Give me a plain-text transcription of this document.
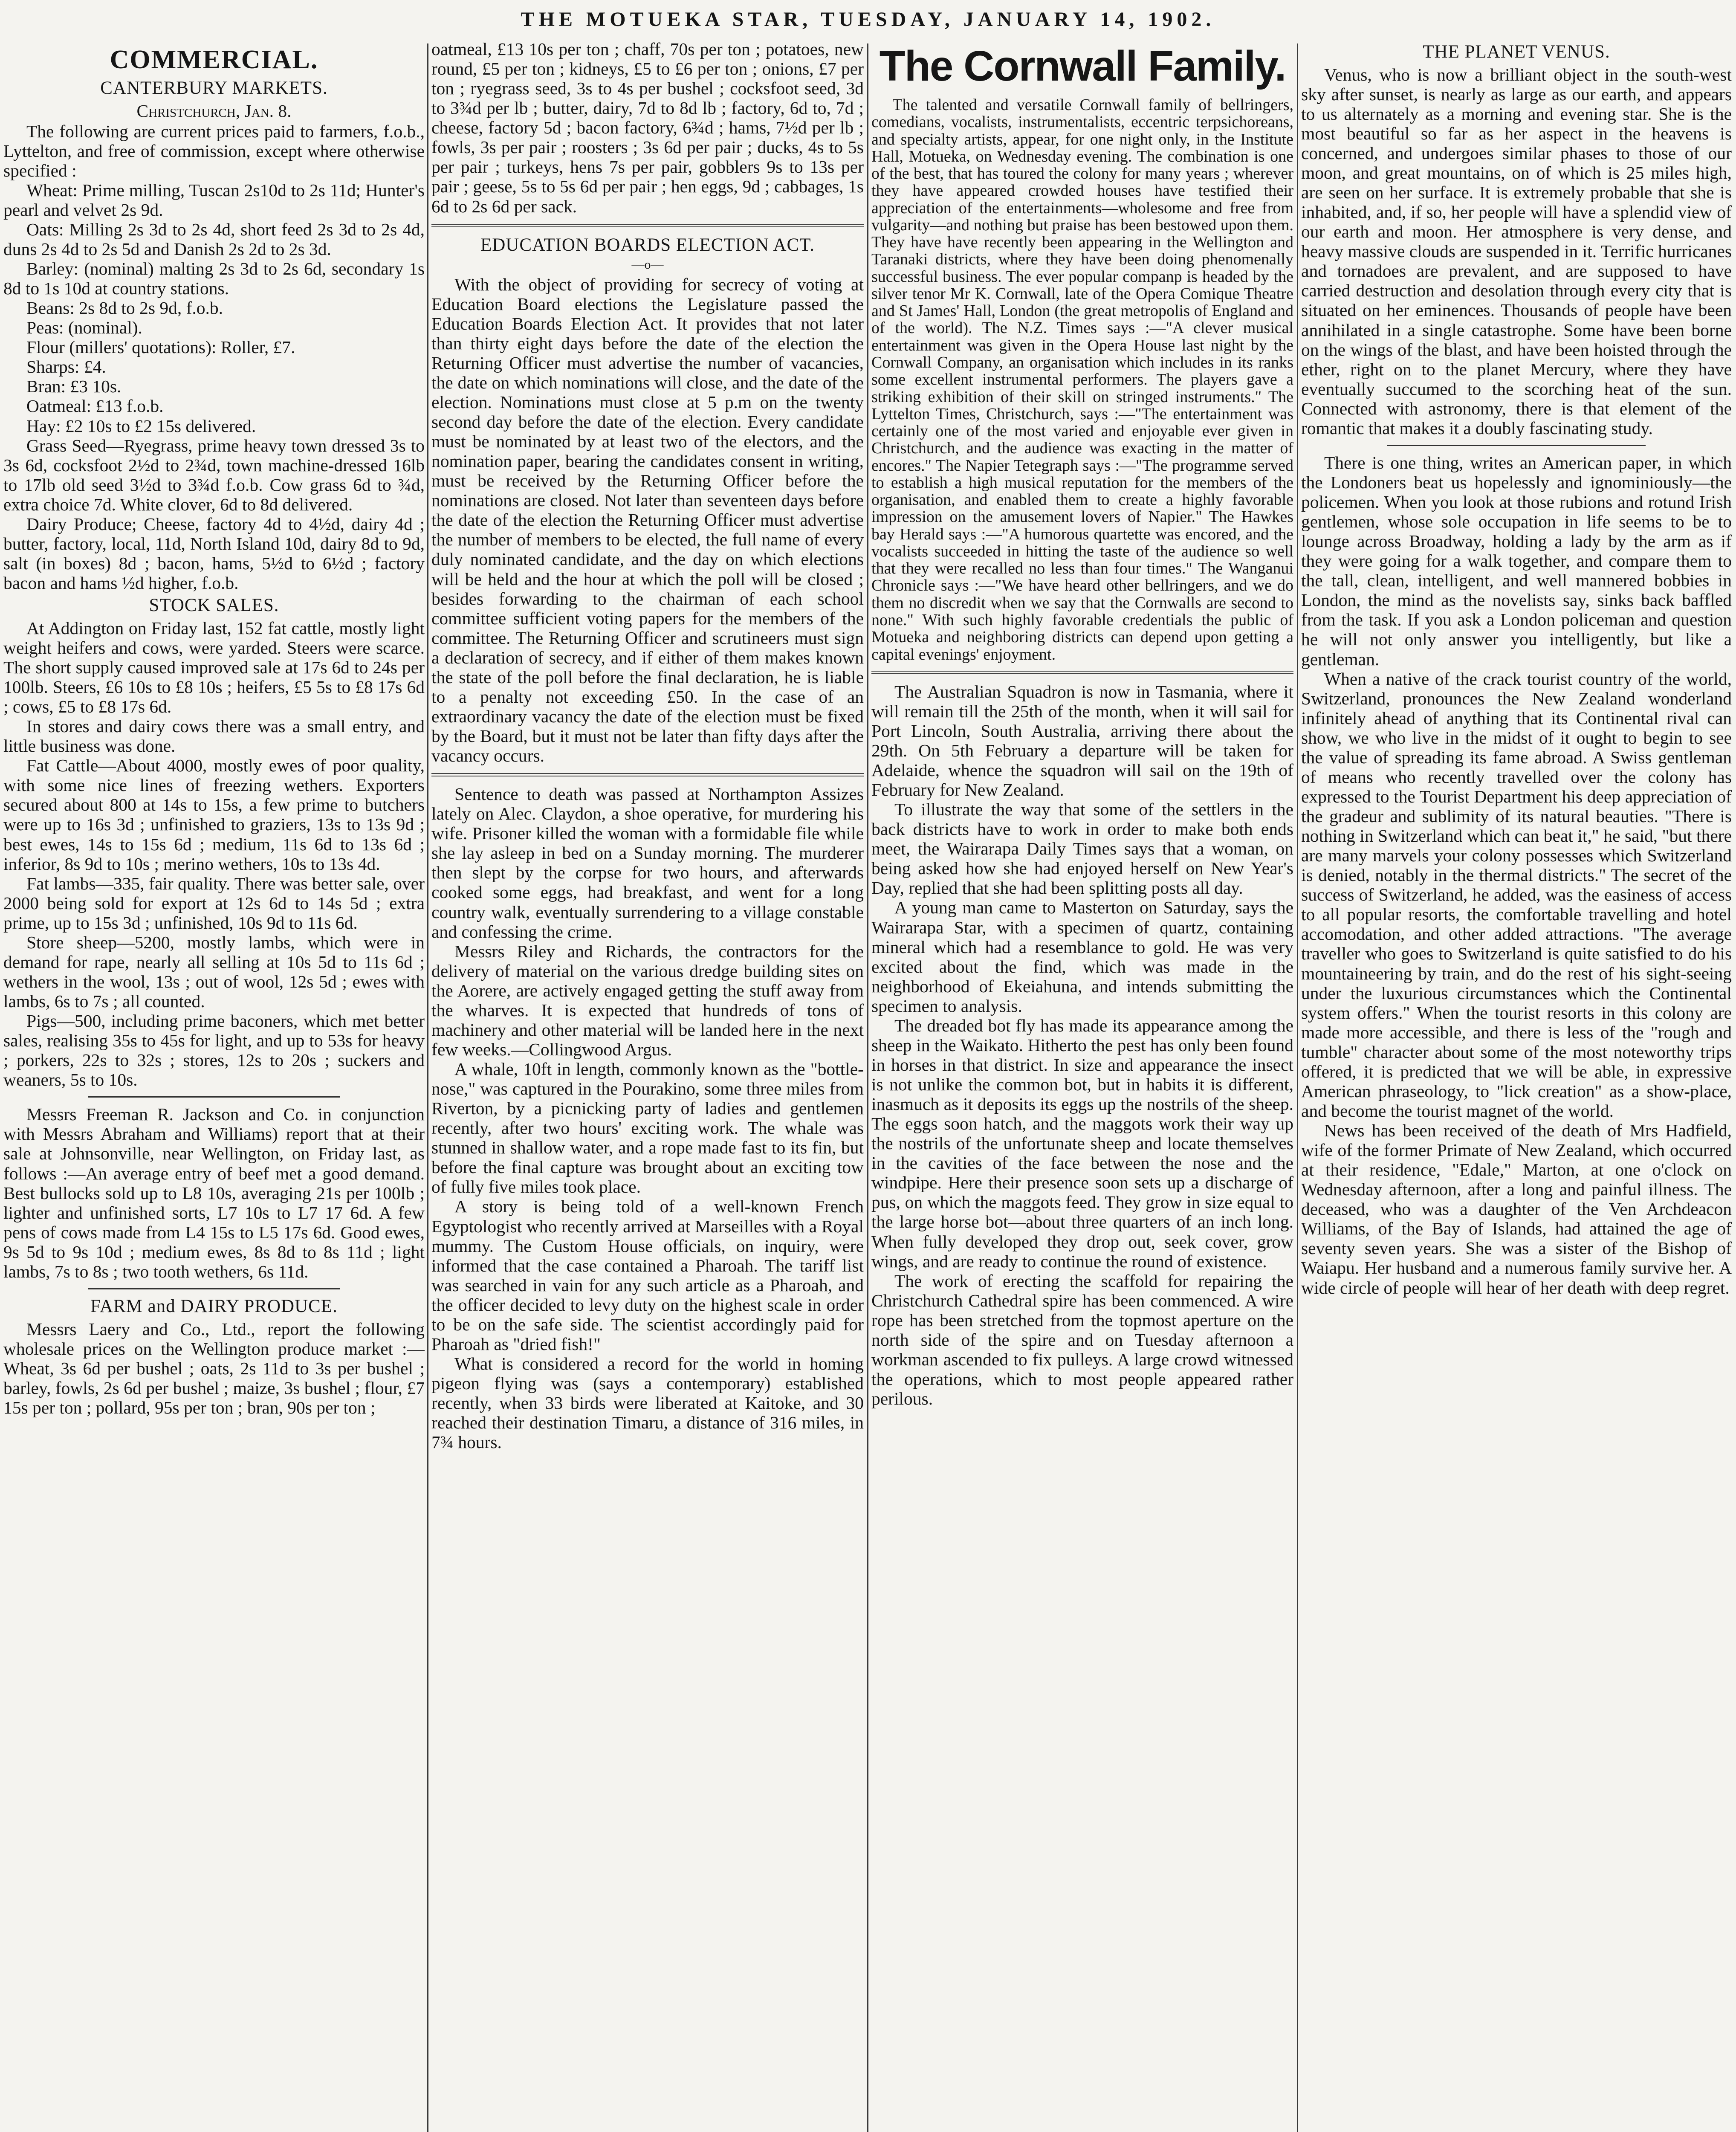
THE MOTUEKA STAR, TUESDAY, JANUARY 14, 1902.
COMMERCIAL.
CANTERBURY MARKETS.
Christchurch, Jan. 8.

The following are current prices paid to farmers, f.o.b., Lyttelton, and free of commission, except where otherwise specified :

Wheat: Prime milling, Tuscan 2s10d to 2s 11d; Hunter's pearl and velvet 2s 9d.

Oats: Milling 2s 3d to 2s 4d, short feed 2s 3d to 2s 4d, duns 2s 4d to 2s 5d and Danish 2s 2d to 2s 3d.

Barley: (nominal) malting 2s 3d to 2s 6d, secondary 1s 8d to 1s 10d at country stations.

Beans: 2s 8d to 2s 9d, f.o.b.

Peas: (nominal).

Flour (millers' quotations): Roller, £7.

Sharps: £4.

Bran: £3 10s.

Oatmeal: £13 f.o.b.

Hay: £2 10s to £2 15s delivered.

Grass Seed—Ryegrass, prime heavy town dressed 3s to 3s 6d, cocksfoot 2½d to 2¾d, town machine-dressed 16lb to 17lb old seed 3½d to 3¾d f.o.b. Cow grass 6d to ¾d, extra choice 7d. White clover, 6d to 8d delivered.

Dairy Produce; Cheese, factory 4d to 4½d, dairy 4d ; butter, factory, local, 11d, North Island 10d, dairy 8d to 9d, salt (in boxes) 8d ; bacon, hams, 5½d to 6½d ; factory bacon and hams ½d higher, f.o.b.

STOCK SALES.

At Addington on Friday last, 152 fat cattle, mostly light weight heifers and cows, were yarded. Steers were scarce. The short supply caused improved sale at 17s 6d to 24s per 100lb. Steers, £6 10s to £8 10s ; heifers, £5 5s to £8 17s 6d ; cows, £5 to £8 17s 6d.

In stores and dairy cows there was a small entry, and little business was done.

Fat Cattle—About 4000, mostly ewes of poor quality, with some nice lines of freezing wethers. Exporters secured about 800 at 14s to 15s, a few prime to butchers were up to 16s 3d ; unfinished to graziers, 13s to 13s 9d ; best ewes, 14s to 15s 6d ; medium, 11s 6d to 13s 6d ; inferior, 8s 9d to 10s ; merino wethers, 10s to 13s 4d.

Fat lambs—335, fair quality. There was better sale, over 2000 being sold for export at 12s 6d to 14s 5d ; extra prime, up to 15s 3d ; unfinished, 10s 9d to 11s 6d.

Store sheep—5200, mostly lambs, which were in demand for rape, nearly all selling at 10s 5d to 11s 6d ; wethers in the wool, 13s ; out of wool, 12s 5d ; ewes with lambs, 6s to 7s ; all counted.

Pigs—500, including prime baconers, which met better sales, realising 35s to 45s for light, and up to 53s for heavy ; porkers, 22s to 32s ; stores, 12s to 20s ; suckers and weaners, 5s to 10s.

Messrs Freeman R. Jackson and Co. in conjunction with Messrs Abraham and Williams) report that at their sale at Johnsonville, near Wellington, on Friday last, as follows :—An average entry of beef met a good demand. Best bullocks sold up to L8 10s, averaging 21s per 100lb ; lighter and unfinished sorts, L7 10s to L7 17 6d. A few pens of cows made from L4 15s to L5 17s 6d. Good ewes, 9s 5d to 9s 10d ; medium ewes, 8s 8d to 8s 11d ; light lambs, 7s to 8s ; two tooth wethers, 6s 11d.

FARM and DAIRY PRODUCE.

Messrs Laery and Co., Ltd., report the following wholesale prices on the Wellington produce market :—Wheat, 3s 6d per bushel ; oats, 2s 11d to 3s per bushel ; barley, fowls, 2s 6d per bushel ; maize, 3s bushel ; flour, £7 15s per ton ; pollard, 95s per ton ; bran, 90s per ton ;

oatmeal, £13 10s per ton ; chaff, 70s per ton ; potatoes, new round, £5 per ton ; kidneys, £5 to £6 per ton ; onions, £7 per ton ; ryegrass seed, 3s to 4s per bushel ; cocksfoot seed, 3d to 3¾d per lb ; butter, dairy, 7d to 8d lb ; factory, 6d to, 7d ; cheese, factory 5d ; bacon factory, 6¾d ; hams, 7½d per lb ; fowls, 3s per pair ; roosters ; 3s 6d per pair ; ducks, 4s to 5s per pair ; turkeys, hens 7s per pair, gobblers 9s to 13s per pair ; geese, 5s to 5s 6d per pair ; hen eggs, 9d ; cabbages, 1s 6d to 2s 6d per sack.

EDUCATION BOARDS ELECTION ACT.
—o—

With the object of providing for secrecy of voting at Education Board elections the Legislature passed the Education Boards Election Act. It provides that not later than thirty eight days before the date of the election the Returning Officer must advertise the number of vacancies, the date on which nominations will close, and the date of the election. Nominations must close at 5 p.m on the twenty second day before the date of the election. Every candidate must be nominated by at least two of the electors, and the nomination paper, bearing the candidates consent in writing, must be received by the Returning Officer before the nominations are closed. Not later than seventeen days before the date of the election the Returning Officer must advertise the number of members to be elected, the full name of every duly nominated candidate, and the day on which elections will be held and the hour at which the poll will be closed ; besides forwarding to the chairman of each school committee sufficient voting papers for the members of the committee. The Returning Officer and scrutineers must sign a declaration of secrecy, and if either of them makes known the state of the poll before the final declaration, he is liable to a penalty not exceeding £50. In the case of an extraordinary vacancy the date of the election must be fixed by the Board, but it must not be later than fifty days after the vacancy occurs.

Sentence to death was passed at Northampton Assizes lately on Alec. Claydon, a shoe operative, for murdering his wife. Prisoner killed the woman with a formidable file while she lay asleep in bed on a Sunday morning. The murderer then slept by the corpse for two hours, and afterwards cooked some eggs, had breakfast, and went for a long country walk, eventually surrendering to a village constable and confessing the crime.

Messrs Riley and Richards, the contractors for the delivery of material on the various dredge building sites on the Aorere, are actively engaged getting the stuff away from the wharves. It is expected that hundreds of tons of machinery and other material will be landed here in the next few weeks.—Collingwood Argus.

A whale, 10ft in length, commonly known as the "bottle-nose," was captured in the Pourakino, some three miles from Riverton, by a picnicking party of ladies and gentlemen recently, after two hours' exciting work. The whale was stunned in shallow water, and a rope made fast to its fin, but before the final capture was brought about an exciting tow of fully five miles took place.

A story is being told of a well-known French Egyptologist who recently arrived at Marseilles with a Royal mummy. The Custom House officials, on inquiry, were informed that the case contained a Pharoah. The tariff list was searched in vain for any such article as a Pharoah, and the officer decided to levy duty on the highest scale in order to be on the safe side. The scientist accordingly paid for Pharoah as "dried fish!"

What is considered a record for the world in homing pigeon flying was (says a contemporary) established recently, when 33 birds were liberated at Kaitoke, and 30 reached their destination Timaru, a distance of 316 miles, in 7¾ hours.

The Cornwall Family.

The talented and versatile Cornwall family of bellringers, comedians, vocalists, instrumentalists, eccentric terpsichoreans, and specialty artists, appear, for one night only, in the Institute Hall, Motueka, on Wednesday evening. The combination is one of the best, that has toured the colony for many years ; wherever they have appeared crowded houses have testified their appreciation of the entertainments—wholesome and free from vulgarity—and nothing but praise has been bestowed upon them. They have have recently been appearing in the Wellington and Taranaki districts, where they have been doing phenomenally successful business. The ever popular companp is headed by the silver tenor Mr K. Cornwall, late of the Opera Comique Theatre and St James' Hall, London (the great metropolis of England and of the world). The N.Z. Times says :—"A clever musical entertainment was given in the Opera House last night by the Cornwall Company, an organisation which includes in its ranks some excellent instrumental performers. The players gave a striking exhibition of their skill on stringed instruments." The Lyttelton Times, Christchurch, says :—"The entertainment was certainly one of the most varied and enjoyable ever given in Christchurch, and the audience was exacting in the matter of encores." The Napier Tetegraph says :—"The programme served to establish a high musical reputation for the members of the organisation, and enabled them to create a highly favorable impression on the amusement lovers of Napier." The Hawkes bay Herald says :—"A humorous quartette was encored, and the vocalists succeeded in hitting the taste of the audience so well that they were recalled no less than four times." The Wanganui Chronicle says :—"We have heard other bellringers, and we do them no discredit when we say that the Cornwalls are second to none." With such highly favorable credentials the public of Motueka and neighboring districts can depend upon getting a capital evenings' enjoyment.

The Australian Squadron is now in Tasmania, where it will remain till the 25th of the month, when it will sail for Port Lincoln, South Australia, arriving there about the 29th. On 5th February a departure will be taken for Adelaide, whence the squadron will sail on the 19th of February for New Zealand.

To illustrate the way that some of the settlers in the back districts have to work in order to make both ends meet, the Wairarapa Daily Times says that a woman, on being asked how she had enjoyed herself on New Year's Day, replied that she had been splitting posts all day.

A young man came to Masterton on Saturday, says the Wairarapa Star, with a specimen of quartz, containing mineral which had a resemblance to gold. He was very excited about the find, which was made in the neighborhood of Ekeiahuna, and intends submitting the specimen to analysis.

The dreaded bot fly has made its appearance among the sheep in the Waikato. Hitherto the pest has only been found in horses in that district. In size and appearance the insect is not unlike the common bot, but in habits it is different, inasmuch as it deposits its eggs up the nostrils of the sheep. The eggs soon hatch, and the maggots work their way up the nostrils of the unfortunate sheep and locate themselves in the cavities of the face between the nose and the windpipe. Here their presence soon sets up a discharge of pus, on which the maggots feed. They grow in size equal to the large horse bot—about three quarters of an inch long. When fully developed they drop out, seek cover, grow wings, and are ready to continue the round of existence.

The work of erecting the scaffold for repairing the Christchurch Cathedral spire has been commenced. A wire rope has been stretched from the topmost aperture on the north side of the spire and on Tuesday afternoon a workman ascended to fix pulleys. A large crowd witnessed the operations, which to most people appeared rather perilous.

THE PLANET VENUS.

Venus, who is now a brilliant object in the south-west sky after sunset, is nearly as large as our earth, and appears to us alternately as a morning and evening star. She is the most beautiful so far as her aspect in the heavens is concerned, and undergoes similar phases to those of our moon, and great mountains, on of which is 25 miles high, are seen on her surface. It is extremely probable that she is inhabited, and, if so, her people will have a splendid view of our earth and moon. Her atmosphere is very dense, and heavy massive clouds are suspended in it. Terrific hurricanes and tornadoes are prevalent, and are supposed to have carried destruction and desolation through every city that is situated on her eminences. Thousands of people have been annihilated in a single catastrophe. Some have been borne on the wings of the blast, and have been hoisted through the ether, right on to the planet Mercury, where they have eventually succumed to the scorching heat of the sun. Connected with astronomy, there is that element of the romantic that makes it a doubly fascinating study.

There is one thing, writes an American paper, in which the Londoners beat us hopelessly and ignominiously—the policemen. When you look at those rubions and rotund Irish gentlemen, whose sole occupation in life seems to be to lounge across Broadway, holding a lady by the arm as if they were going for a walk together, and compare them to the tall, clean, intelligent, and well mannered bobbies in London, the mind as the novelists say, sinks back baffled from the task. If you ask a London policeman and question he will not only answer you intelligently, but like a gentleman.

When a native of the crack tourist country of the world, Switzerland, pronounces the New Zealand wonderland infinitely ahead of anything that its Continental rival can show, we who live in the midst of it ought to begin to see the value of spreading its fame abroad. A Swiss gentleman of means who recently travelled over the colony has expressed to the Tourist Department his deep appreciation of the gradeur and sublimity of its natural beauties. "There is nothing in Switzerland which can beat it," he said, "but there are many marvels your colony possesses which Switzerland is denied, notably in the thermal districts." The secret of the success of Switzerland, he added, was the easiness of access to all popular resorts, the comfortable travelling and hotel accomodation, and other added attractions. "The average traveller who goes to Switzerland is quite satisfied to do his mountaineering by train, and do the rest of his sight-seeing under the luxurious circumstances which the Continental system offers." When the tourist resorts in this colony are made more accessible, and there is less of the "rough and tumble" character about some of the most noteworthy trips offered, it is predicted that we will be able, in expressive American phraseology, to "lick creation" as a show-place, and become the tourist magnet of the world.

News has been received of the death of Mrs Hadfield, wife of the former Primate of New Zealand, which occurred at their residence, "Edale," Marton, at one o'clock on Wednesday afternoon, after a long and painful illness. The deceased, who was a daughter of the Ven Archdeacon Williams, of the Bay of Islands, had attained the age of seventy seven years. She was a sister of the Bishop of Waiapu. Her husband and a numerous family survive her. A wide circle of people will hear of her death with deep regret.
